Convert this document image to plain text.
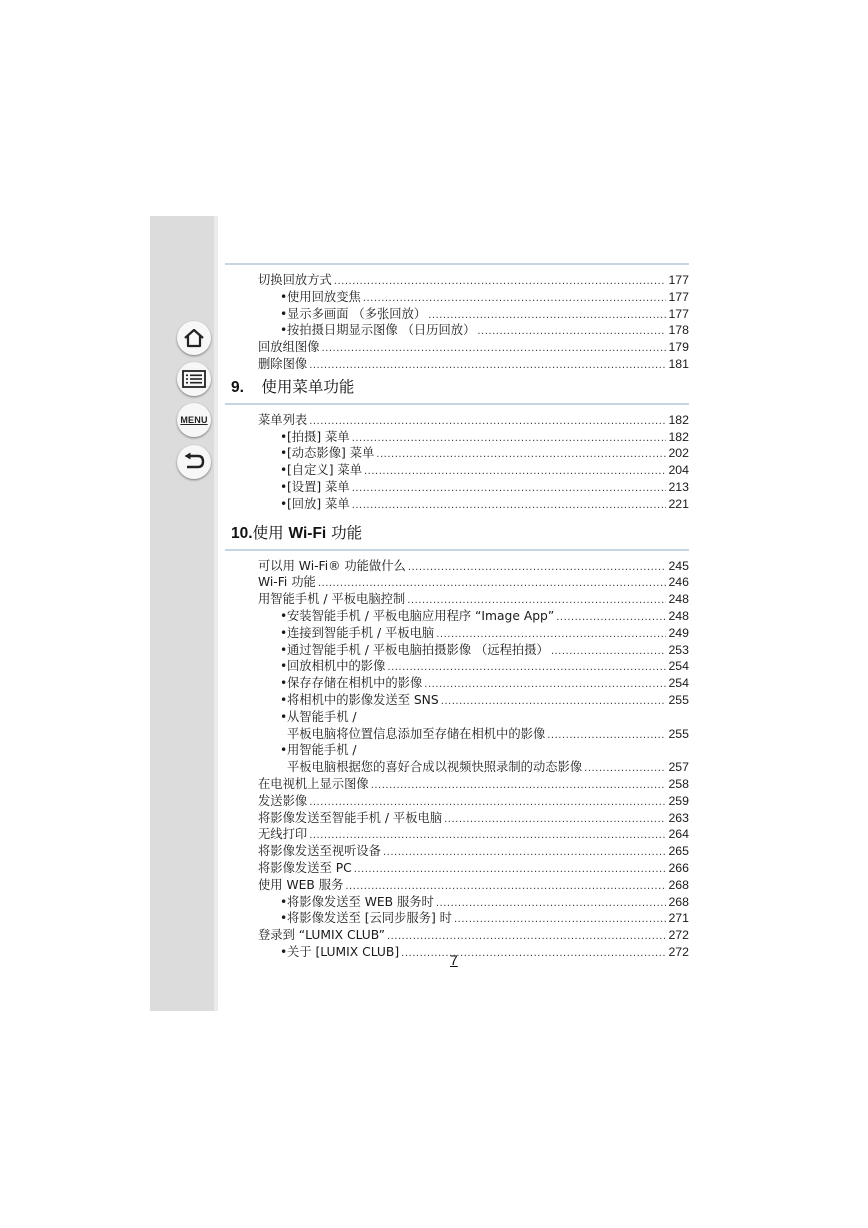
MENU
切换回放方式 .....	177
• 使用回放变焦 .....	177
• 显示多画面 （多张回放） .....	177
• 按拍摄日期显示图像 （日历回放） .....	178
回放组图像 .....	179
删除图像 .....	181
9. 使用菜单功能
菜单列表 .....	182
• [拍摄] 菜单 .....	182
• [动态影像] 菜单 .....	202
• [自定义] 菜单 .....	204
• [设置] 菜单 .....	213
• [回放] 菜单 .....	221
10.使用 Wi-Fi 功能
可以用 Wi-Fi® 功能做什么 .....	245
Wi-Fi 功能 .....	246
用智能手机 / 平板电脑控制 .....	248
• 安装智能手机 / 平板电脑应用程序 “Image App” .....	248
• 连接到智能手机 / 平板电脑 .....	249
• 通过智能手机 / 平板电脑拍摄影像 （远程拍摄） .....	253
• 回放相机中的影像 .....	254
• 保存存储在相机中的影像 .....	254
• 将相机中的影像发送至 SNS .....	255
• 从智能手机 /
平板电脑将位置信息添加至存储在相机中的影像 .....	255
• 用智能手机 /
平板电脑根据您的喜好合成以视频快照录制的动态影像 .....	257
在电视机上显示图像 .....	258
发送影像 .....	259
将影像发送至智能手机 / 平板电脑 .....	263
无线打印 .....	264
将影像发送至视听设备 .....	265
将影像发送至 PC .....	266
使用 WEB 服务 .....	268
• 将影像发送至 WEB 服务时 .....	268
• 将影像发送至 [云同步服务] 时 .....	271
登录到 “LUMIX CLUB” .....	272
• 关于 [LUMIX CLUB] .....	272
7
